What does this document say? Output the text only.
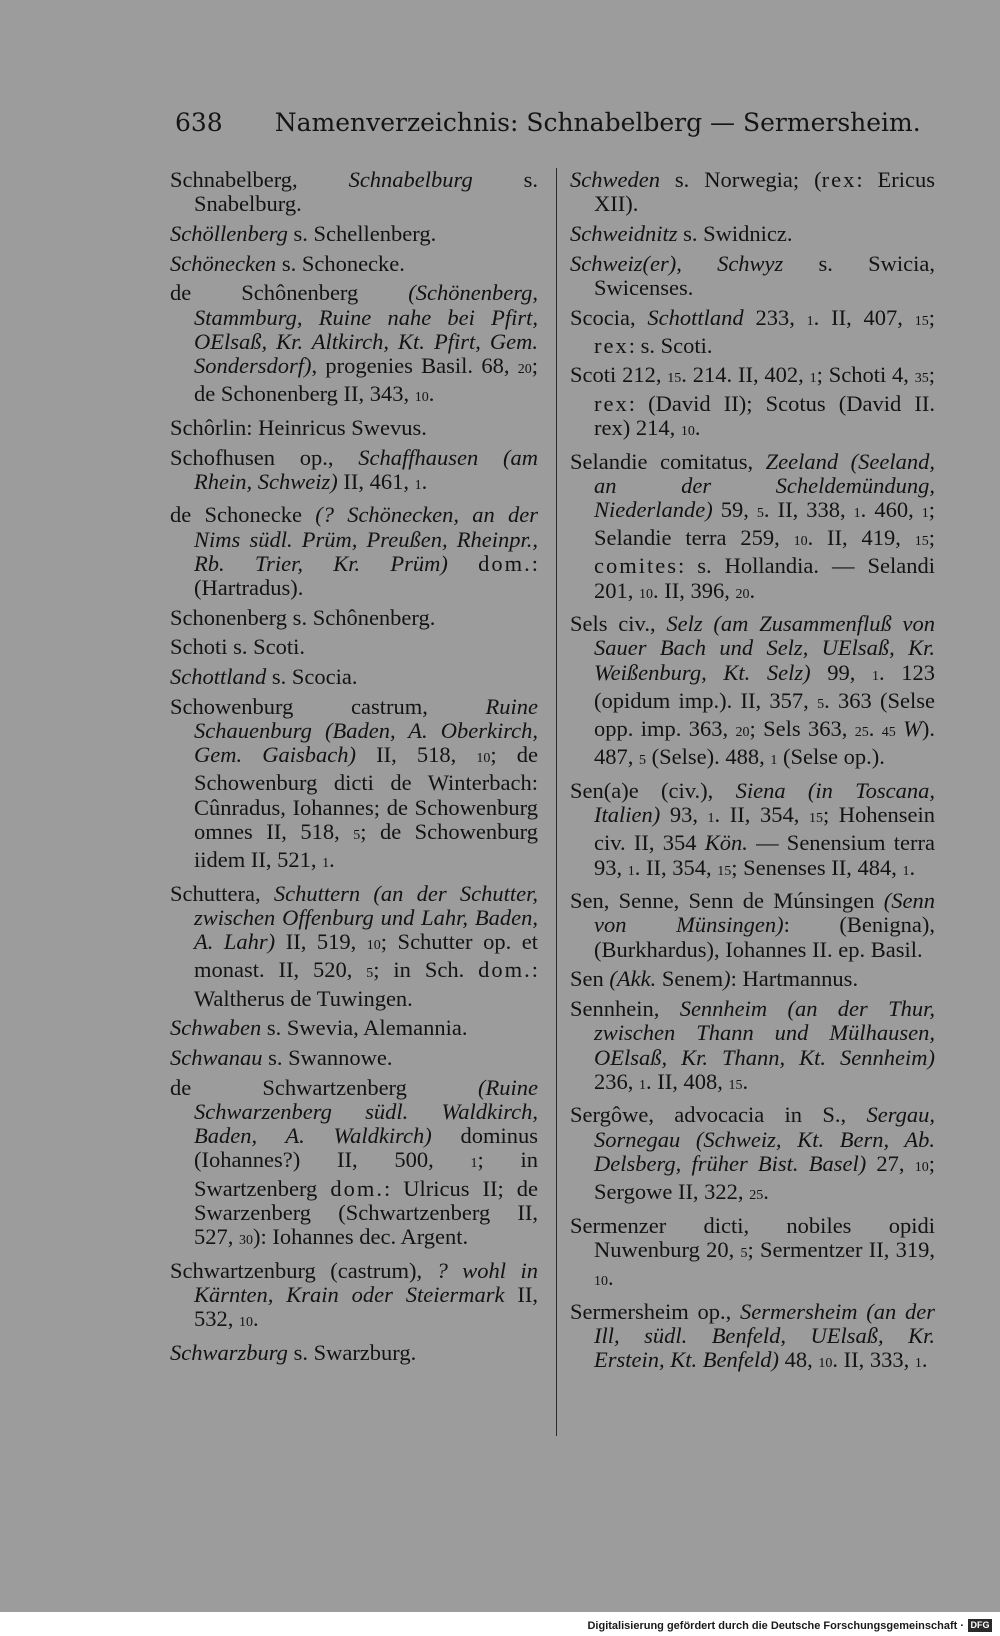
638 Namenverzeichnis: Schnabelberg — Sermersheim.

Schnabelberg, Schnabelburg s. Snabelburg.

Schöllenberg s. Schellenberg.

Schönecken s. Schonecke.

de Schônenberg (Schönenberg, Stammburg, Ruine nahe bei Pfirt, OElsaß, Kr. Altkirch, Kt. Pfirt, Gem. Sondersdorf), progenies Basil. 68, 20; de Schonenberg II, 343, 10.

Schôrlin: Heinricus Swevus.

Schofhusen op., Schaffhausen (am Rhein, Schweiz) II, 461, 1.

de Schonecke (? Schönecken, an der Nims südl. Prüm, Preußen, Rheinpr., Rb. Trier, Kr. Prüm) dom.: (Hartradus).

Schonenberg s. Schônenberg.

Schoti s. Scoti.

Schottland s. Scocia.

Schowenburg castrum, Ruine Schauenburg (Baden, A. Oberkirch, Gem. Gaisbach) II, 518, 10; de Schowenburg dicti de Winterbach: Cûnradus, Iohannes; de Schowenburg omnes II, 518, 5; de Schowenburg iidem II, 521, 1.

Schuttera, Schuttern (an der Schutter, zwischen Offenburg und Lahr, Baden, A. Lahr) II, 519, 10; Schutter op. et monast. II, 520, 5; in Sch. dom.: Waltherus de Tuwingen.

Schwaben s. Swevia, Alemannia.

Schwanau s. Swannowe.

de Schwartzenberg (Ruine Schwarzenberg südl. Waldkirch, Baden, A. Waldkirch) dominus (Iohannes?) II, 500, 1; in Swartzenberg dom.: Ulricus II; de Swarzenberg (Schwartzenberg II, 527, 30): Iohannes dec. Argent.

Schwartzenburg (castrum), ? wohl in Kärnten, Krain oder Steiermark II, 532, 10.

Schwarzburg s. Swarzburg.

Schweden s. Norwegia; (rex: Ericus XII).

Schweidnitz s. Swidnicz.

Schweiz(er), Schwyz s. Swicia, Swicenses.

Scocia, Schottland 233, 1. II, 407, 15; rex: s. Scoti.

Scoti 212, 15. 214. II, 402, 1; Schoti 4, 35; rex: (David II); Scotus (David II. rex) 214, 10.

Selandie comitatus, Zeeland (Seeland, an der Scheldemündung, Niederlande) 59, 5. II, 338, 1. 460, 1; Selandie terra 259, 10. II, 419, 15; comites: s. Hollandia. — Selandi 201, 10. II, 396, 20.

Sels civ., Selz (am Zusammenfluß von Sauer Bach und Selz, UElsaß, Kr. Weißenburg, Kt. Selz) 99, 1. 123 (opidum imp.). II, 357, 5. 363 (Selse opp. imp. 363, 20; Sels 363, 25. 45 W). 487, 5 (Selse). 488, 1 (Selse op.).

Sen(a)e (civ.), Siena (in Toscana, Italien) 93, 1. II, 354, 15; Hohensein civ. II, 354 Kön. — Senensium terra 93, 1. II, 354, 15; Senenses II, 484, 1.

Sen, Senne, Senn de Múnsingen (Senn von Münsingen): (Benigna), (Burkhardus), Iohannes II. ep. Basil.

Sen (Akk. Senem): Hartmannus.

Sennhein, Sennheim (an der Thur, zwischen Thann und Mülhausen, OElsaß, Kr. Thann, Kt. Sennheim) 236, 1. II, 408, 15.

Sergôwe, advocacia in S., Sergau, Sornegau (Schweiz, Kt. Bern, Ab. Delsberg, früher Bist. Basel) 27, 10; Sergowe II, 322, 25.

Sermenzer dicti, nobiles opidi Nuwenburg 20, 5; Sermentzer II, 319, 10.

Sermersheim op., Sermersheim (an der Ill, südl. Benfeld, UElsaß, Kr. Erstein, Kt. Benfeld) 48, 10. II, 333, 1.

Digitalisierung gefördert durch die Deutsche Forschungsgemeinschaft · DFG
